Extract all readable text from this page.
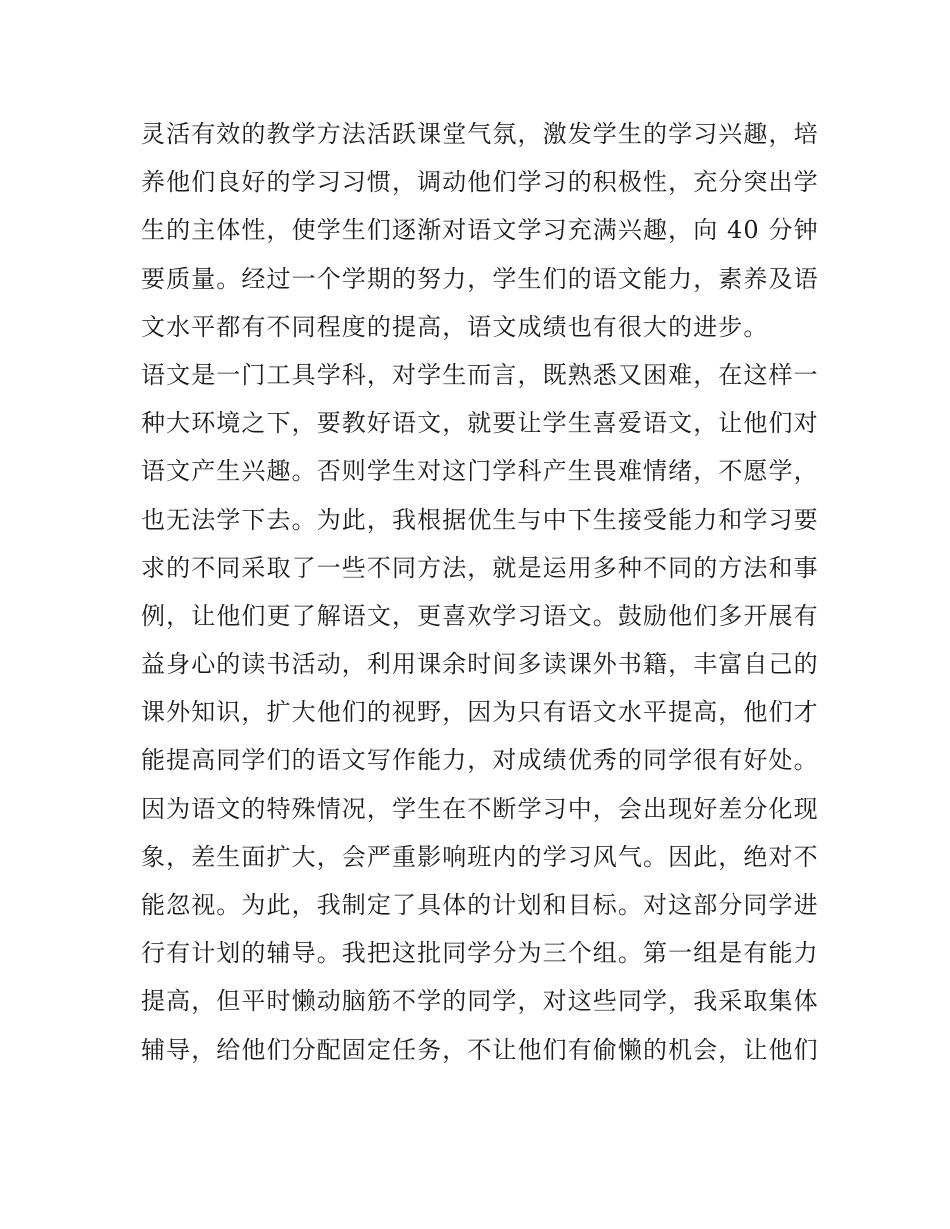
灵活有效的教学方法活跃课堂气氛，激发学生的学习兴趣，培
养他们良好的学习习惯，调动他们学习的积极性，充分突出学
生的主体性，使学生们逐渐对语文学习充满兴趣，向 40 分钟
要质量。经过一个学期的努力，学生们的语文能力，素养及语
文水平都有不同程度的提高，语文成绩也有很大的进步。
语文是一门工具学科，对学生而言，既熟悉又困难，在这样一
种大环境之下，要教好语文，就要让学生喜爱语文，让他们对
语文产生兴趣。否则学生对这门学科产生畏难情绪，不愿学，
也无法学下去。为此，我根据优生与中下生接受能力和学习要
求的不同采取了一些不同方法，就是运用多种不同的方法和事
例，让他们更了解语文，更喜欢学习语文。鼓励他们多开展有
益身心的读书活动，利用课余时间多读课外书籍，丰富自己的
课外知识，扩大他们的视野，因为只有语文水平提高，他们才
能提高同学们的语文写作能力，对成绩优秀的同学很有好处。
因为语文的特殊情况，学生在不断学习中，会出现好差分化现
象，差生面扩大，会严重影响班内的学习风气。因此，绝对不
能忽视。为此，我制定了具体的计划和目标。对这部分同学进
行有计划的辅导。我把这批同学分为三个组。第一组是有能力
提高，但平时懒动脑筋不学的同学，对这些同学，我采取集体
辅导，给他们分配固定任务，不让他们有偷懒的机会，让他们
